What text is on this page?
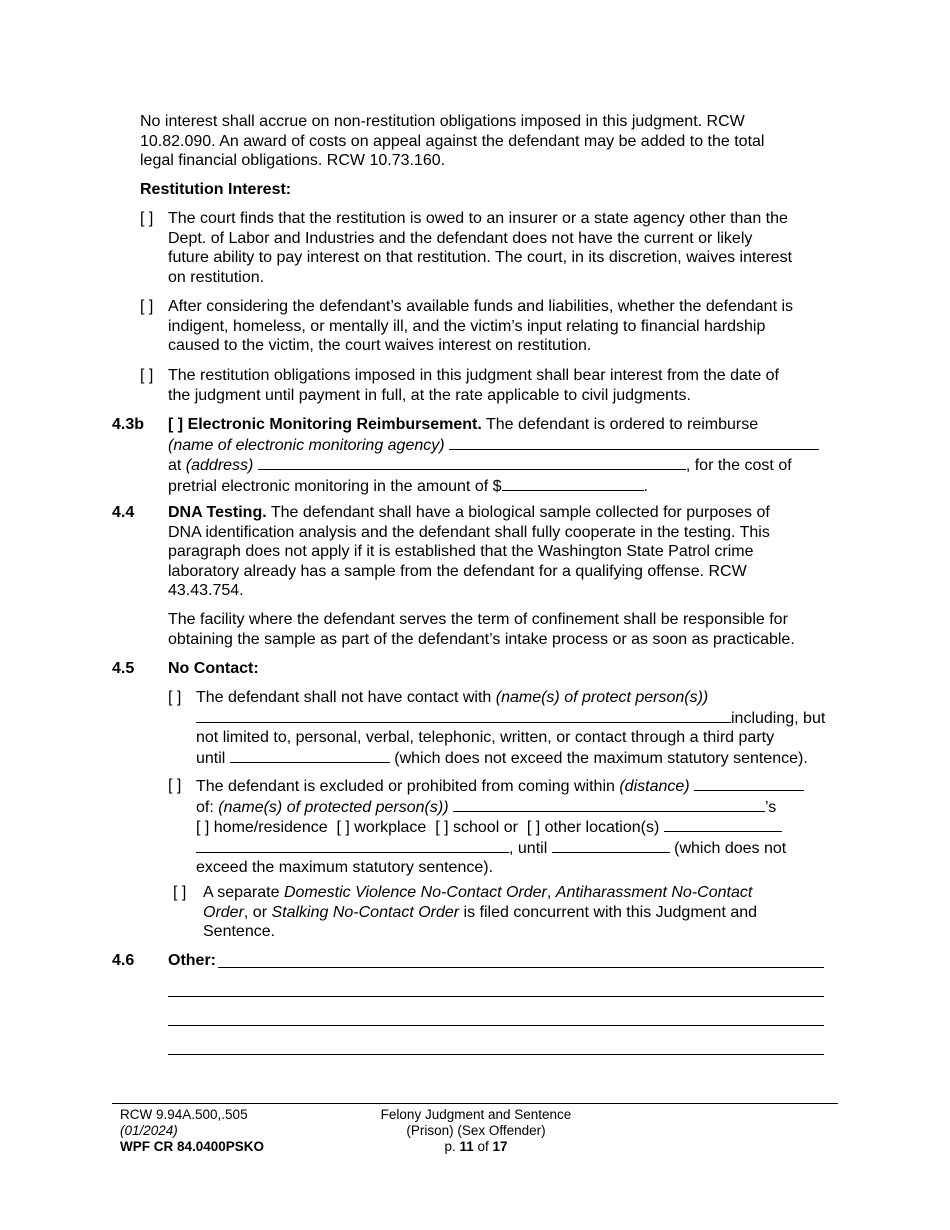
No interest shall accrue on non-restitution obligations imposed in this judgment. RCW
10.82.090. An award of costs on appeal against the defendant may be added to the total
legal financial obligations. RCW 10.73.160.
Restitution Interest:
[ ] The court finds that the restitution is owed to an insurer or a state agency other than the
Dept. of Labor and Industries and the defendant does not have the current or likely
future ability to pay interest on that restitution. The court, in its discretion, waives interest
on restitution.
[ ] After considering the defendant’s available funds and liabilities, whether the defendant is
indigent, homeless, or mentally ill, and the victim’s input relating to financial hardship
caused to the victim, the court waives interest on restitution.
[ ] The restitution obligations imposed in this judgment shall bear interest from the date of
the judgment until payment in full, at the rate applicable to civil judgments.
4.3b [ ] Electronic Monitoring Reimbursement. The defendant is ordered to reimburse
(name of electronic monitoring agency)
at (address)	, for the cost of
pretrial electronic monitoring in the amount of $	.
4.4 DNA Testing. The defendant shall have a biological sample collected for purposes of
DNA identification analysis and the defendant shall fully cooperate in the testing. This
paragraph does not apply if it is established that the Washington State Patrol crime
laboratory already has a sample from the defendant for a qualifying offense. RCW
43.43.754.
The facility where the defendant serves the term of confinement shall be responsible for
obtaining the sample as part of the defendant’s intake process or as soon as practicable.
4.5 No Contact:
[ ] The defendant shall not have contact with (name(s) of protect person(s))
including, but
not limited to, personal, verbal, telephonic, written, or contact through a third party
until	(which does not exceed the maximum statutory sentence).
[ ] The defendant is excluded or prohibited from coming within (distance)
of: (name(s) of protected person(s))	’s
[ ] home/residence [ ] workplace [ ] school or [ ] other location(s)
, until	(which does not
exceed the maximum statutory sentence).
[ ] A separate Domestic Violence No-Contact Order, Antiharassment No-Contact
Order, or Stalking No-Contact Order is filed concurrent with this Judgment and
Sentence.
4.6 Other:
RCW 9.94A.500,.505
(01/2024)
WPF CR 84.0400PSKO
Felony Judgment and Sentence
(Prison) (Sex Offender)
p. 11 of 17
